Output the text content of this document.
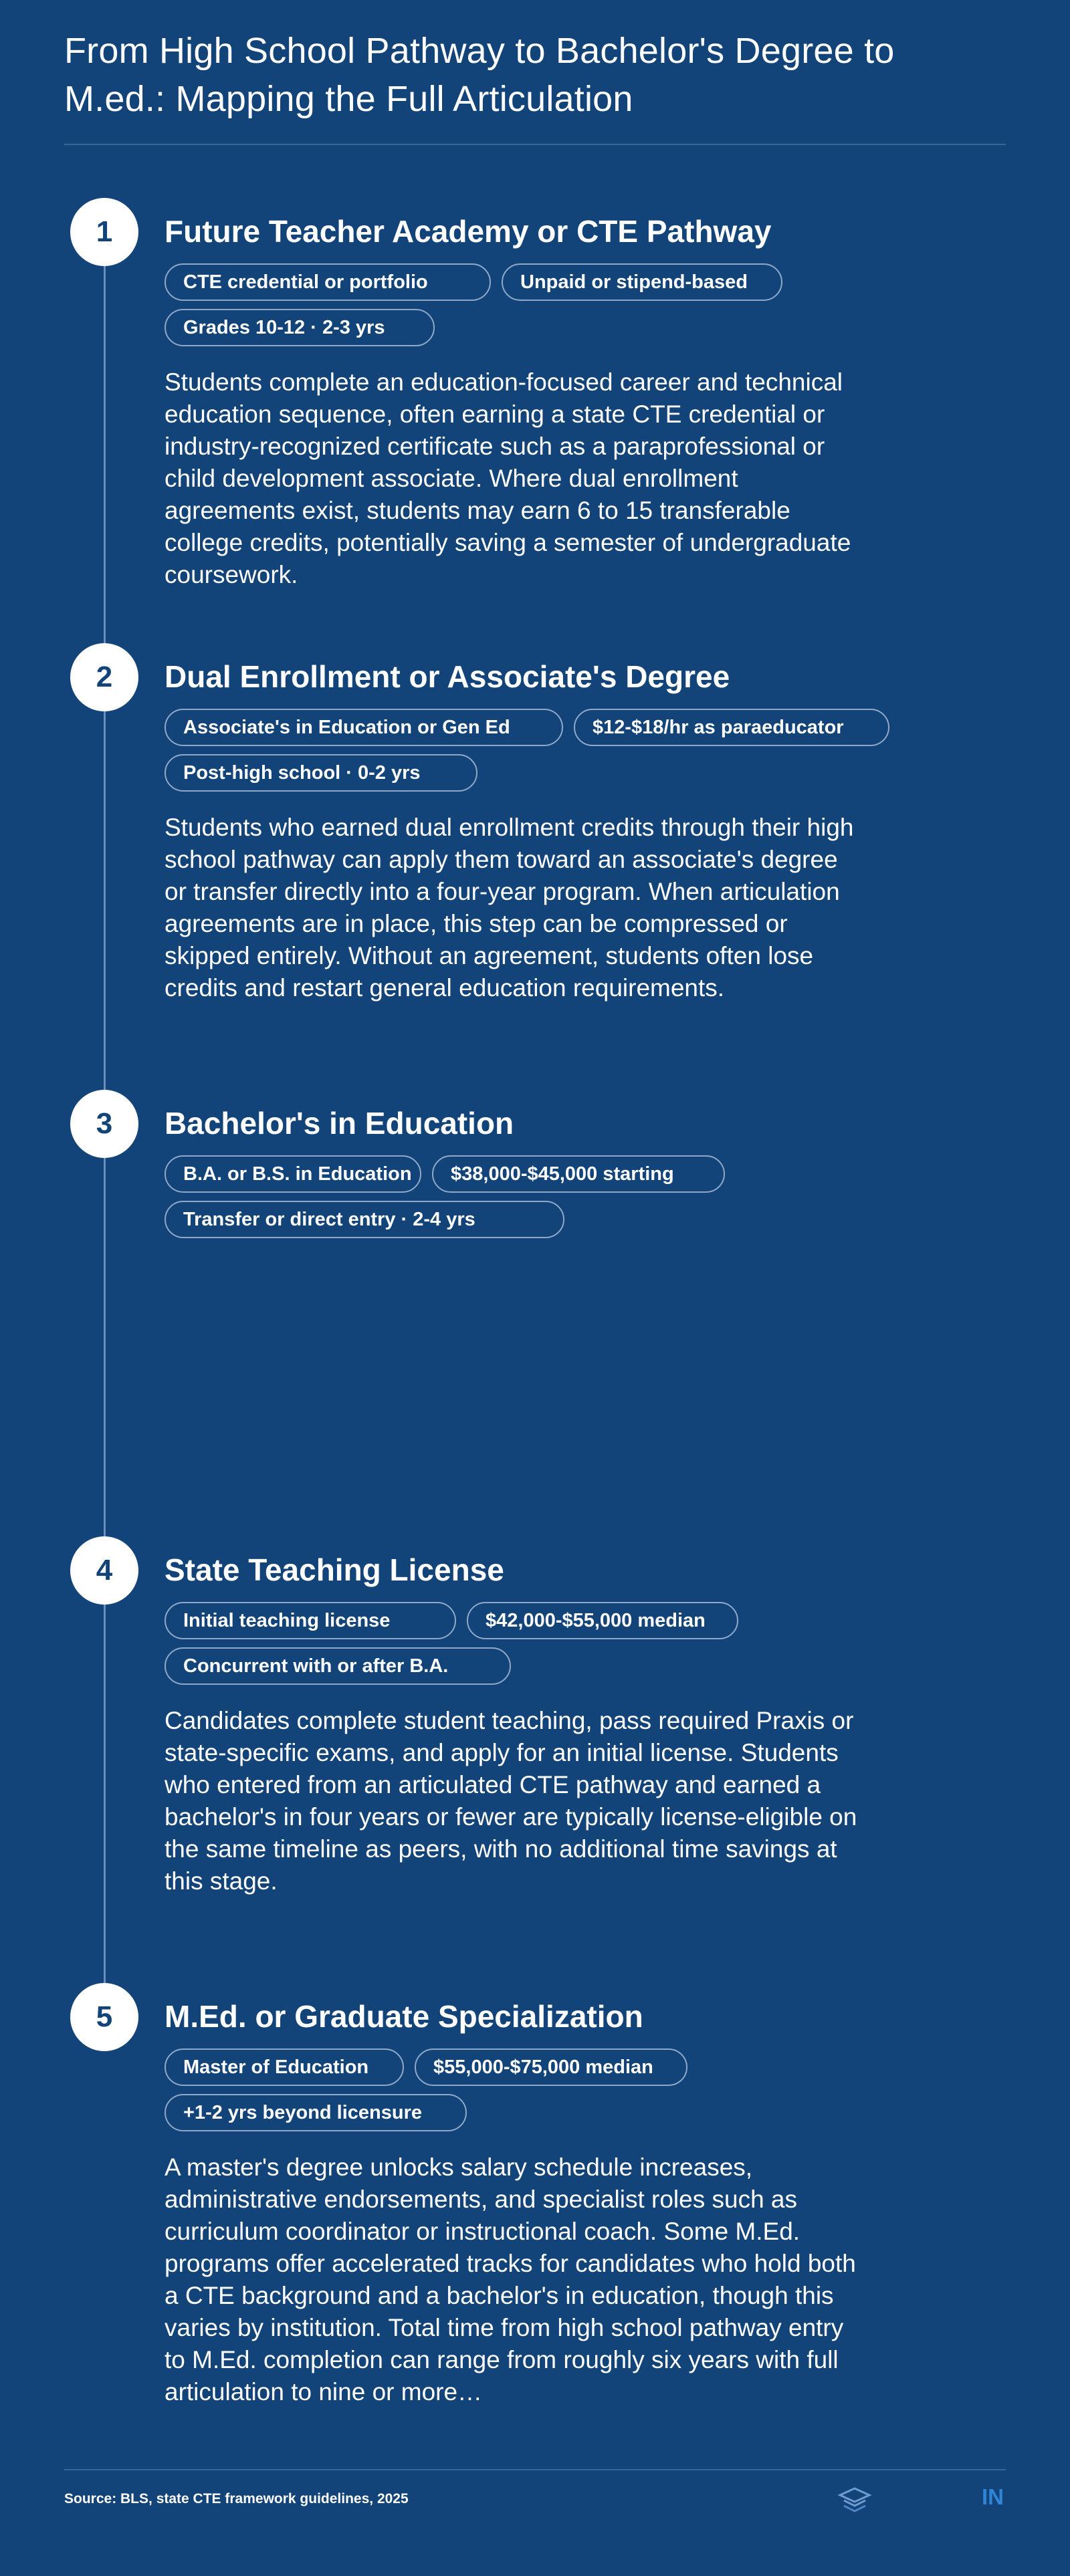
From High School Pathway to Bachelor's Degree to M.ed.: Mapping the Full Articulation
1	Future Teacher Academy or CTE Pathway
CTE credential or portfolio	Unpaid or stipend-based
Grades 10-12 · 2-3 yrs
Students complete an education-focused career and technical education sequence, often earning a state CTE credential or industry-recognized certificate such as a paraprofessional or child development associate. Where dual enrollment agreements exist, students may earn 6 to 15 transferable college credits, potentially saving a semester of undergraduate coursework.
2	Dual Enrollment or Associate's Degree
Associate's in Education or Gen Ed	$12-$18/hr as paraeducator
Post-high school · 0-2 yrs
Students who earned dual enrollment credits through their high school pathway can apply them toward an associate's degree or transfer directly into a four-year program. When articulation agreements are in place, this step can be compressed or skipped entirely. Without an agreement, students often lose credits and restart general education requirements.
3	Bachelor's in Education
B.A. or B.S. in Education	$38,000-$45,000 starting
Transfer or direct entry · 2-4 yrs
4	State Teaching License
Initial teaching license	$42,000-$55,000 median
Concurrent with or after B.A.
Candidates complete student teaching, pass required Praxis or state-specific exams, and apply for an initial license. Students who entered from an articulated CTE pathway and earned a bachelor's in four years or fewer are typically license-eligible on the same timeline as peers, with no additional time savings at this stage.
5	M.Ed. or Graduate Specialization
Master of Education	$55,000-$75,000 median
+1-2 yrs beyond licensure
A master's degree unlocks salary schedule increases, administrative endorsements, and specialist roles such as curriculum coordinator or instructional coach. Some M.Ed. programs offer accelerated tracks for candidates who hold both a CTE background and a bachelor's in education, though this varies by institution. Total time from high school pathway entry to M.Ed. completion can range from roughly six years with full articulation to nine or more…
Source: BLS, state CTE framework guidelines, 2025	IN
